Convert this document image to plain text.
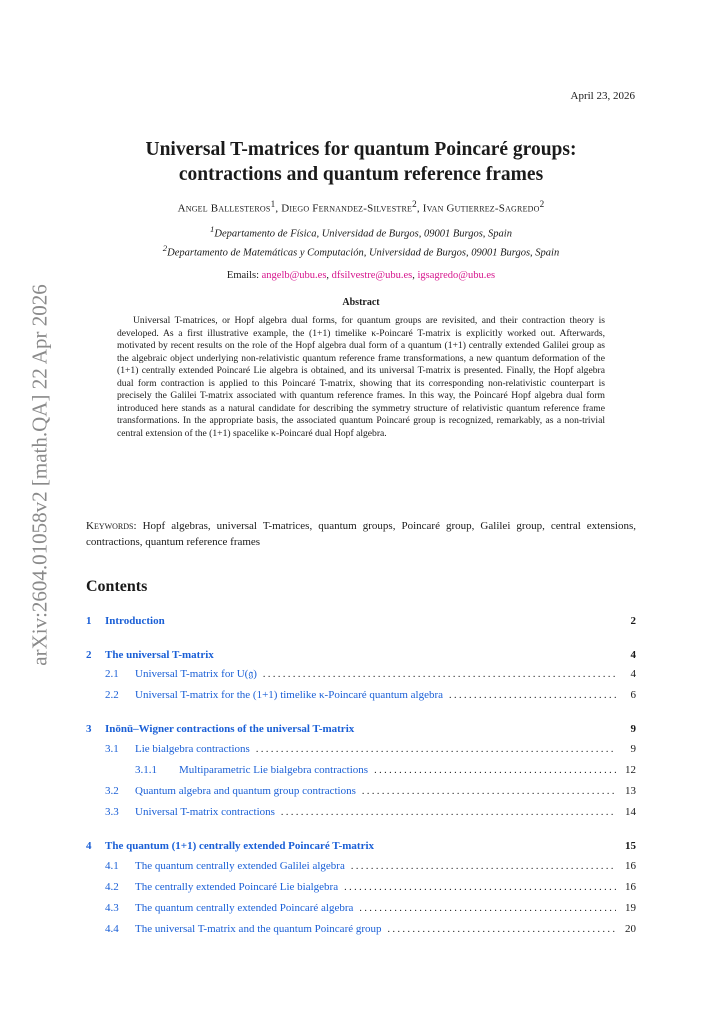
arXiv:2604.01058v2 [math.QA] 22 Apr 2026
April 23, 2026
Universal T-matrices for quantum Poincaré groups:
contractions and quantum reference frames
Angel Ballesteros$^1$, Diego Fernandez-Silvestre$^2$, Ivan Gutierrez-Sagredo$^2$
$^1$Departamento de Física, Universidad de Burgos, 09001 Burgos, Spain
$^2$Departamento de Matemáticas y Computación, Universidad de Burgos, 09001 Burgos, Spain
Emails: angelb@ubu.es, dfsilvestre@ubu.es, igsagredo@ubu.es
Abstract
Universal T-matrices, or Hopf algebra dual forms, for quantum groups are revisited, and their contraction theory is developed. As a first illustrative example, the (1+1) timelike κ-Poincaré T-matrix is explicitly worked out. Afterwards, motivated by recent results on the role of the Hopf algebra dual form of a quantum (1+1) centrally extended Galilei group as the algebraic object underlying non-relativistic quantum reference frame transformations, a new quantum deformation of the (1+1) centrally extended Poincaré Lie algebra is obtained, and its universal T-matrix is presented. Finally, the Hopf algebra dual form contraction is applied to this Poincaré T-matrix, showing that its corresponding non-relativistic counterpart is precisely the Galilei T-matrix associated with quantum reference frames. In this way, the Poincaré Hopf algebra dual form introduced here stands as a natural candidate for describing the symmetry structure of relativistic quantum reference frame transformations. In the appropriate basis, the associated quantum Poincaré group is recognized, remarkably, as a non-trivial central extension of the (1+1) spacelike κ-Poincaré dual Hopf algebra.
Keywords: Hopf algebras, universal T-matrices, quantum groups, Poincaré group, Galilei group, central extensions, contractions, quantum reference frames
Contents
1	Introduction	2
2	The universal T-matrix	4
2.1	Universal T-matrix for U(𝔤) . . .	4
2.2	Universal T-matrix for the (1+1) timelike κ-Poincaré quantum algebra . . .	6
3	Inönü–Wigner contractions of the universal T-matrix	9
3.1	Lie bialgebra contractions . . .	9
3.1.1	Multiparametric Lie bialgebra contractions . . .	12
3.2	Quantum algebra and quantum group contractions . . .	13
3.3	Universal T-matrix contractions . . .	14
4	The quantum (1+1) centrally extended Poincaré T-matrix	15
4.1	The quantum centrally extended Galilei algebra . . .	16
4.2	The centrally extended Poincaré Lie bialgebra . . .	16
4.3	The quantum centrally extended Poincaré algebra . . .	19
4.4	The universal T-matrix and the quantum Poincaré group . . .	20
